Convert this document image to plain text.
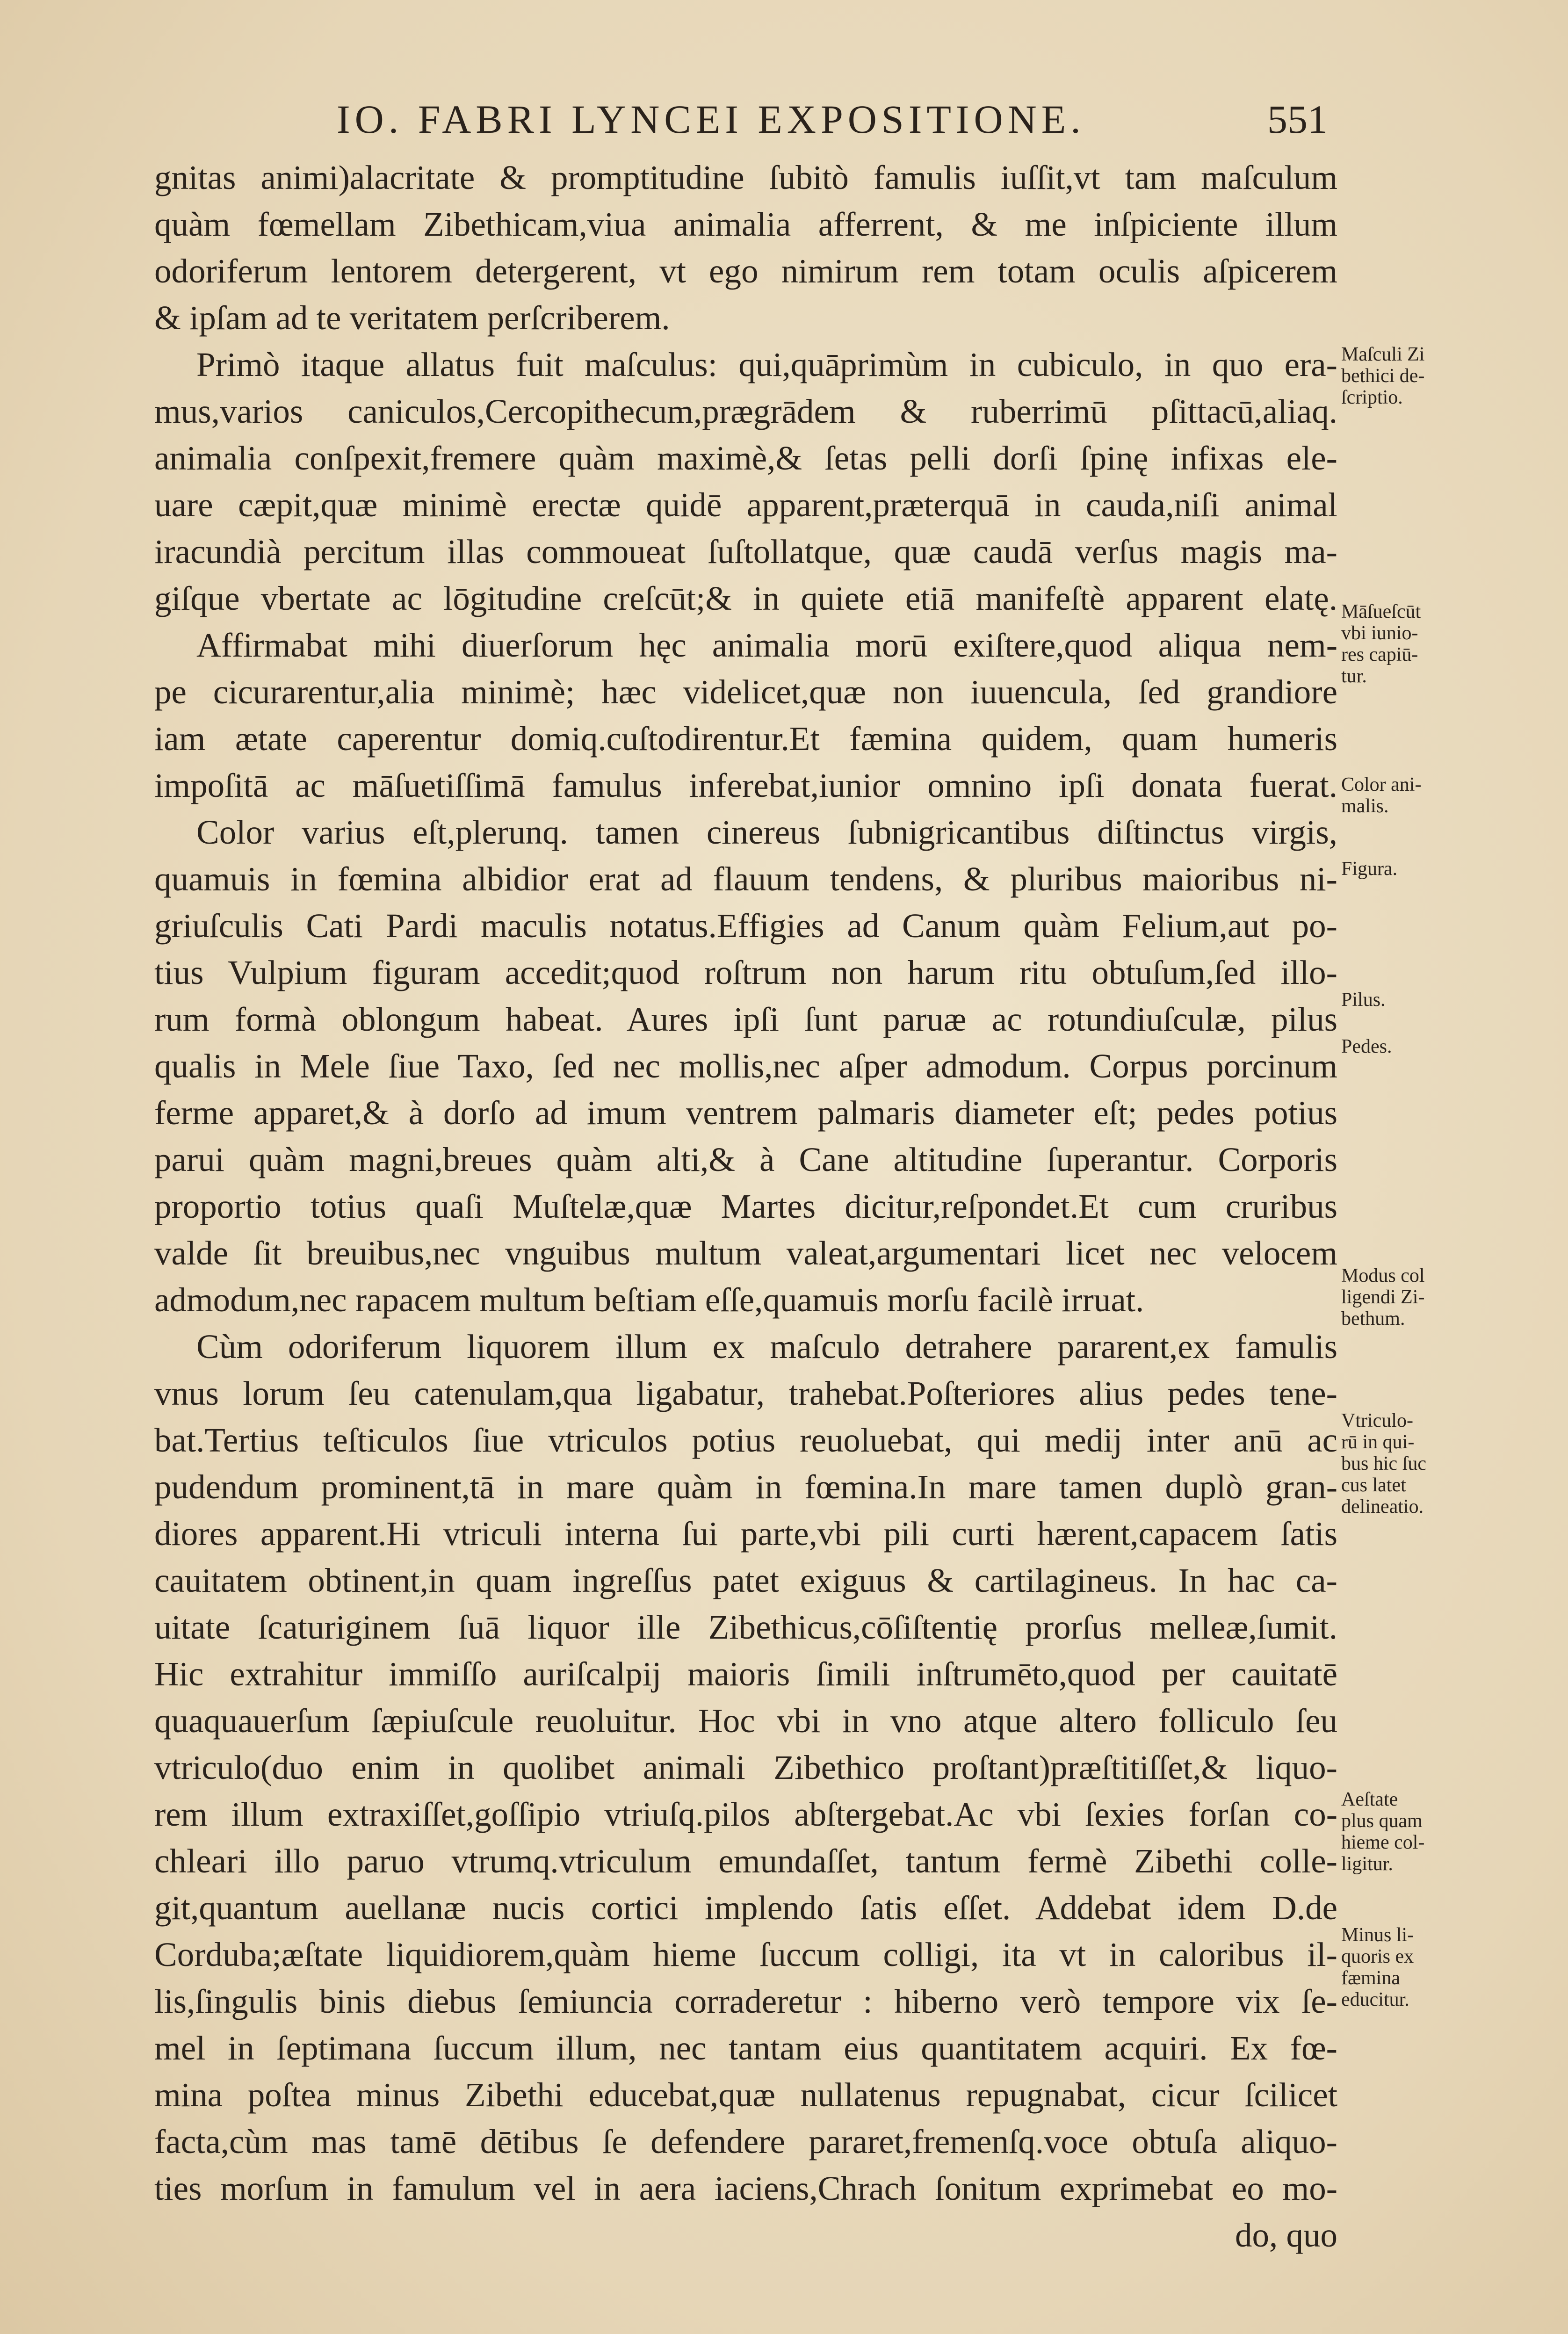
IO. FABRI LYNCEI EXPOSITIONE.	551
gnitas animi)alacritate & promptitudine ſubitò famulis iuſſit,vt tam maſculum
quàm fœmellam Zibethicam,viua animalia afferrent, & me inſpiciente illum
odoriferum lentorem detergerent, vt ego nimirum rem totam oculis aſpicerem
& ipſam ad te veritatem perſcriberem.
Primò itaque allatus fuit maſculus: qui,quāprimùm in cubiculo, in quo era-
mus,varios caniculos,Cercopithecum,prægrādem & ruberrimū pſittacū,aliaq.
animalia conſpexit,fremere quàm maximè,& ſetas pelli dorſi ſpinę infixas ele-
uare cæpit,quæ minimè erectæ quidē apparent,præterquā in cauda,niſi animal
iracundià percitum illas commoueat ſuſtollatque, quæ caudā verſus magis ma-
giſque vbertate ac lōgitudine creſcūt;& in quiete etiā manifeſtè apparent elatę.
Affirmabat mihi diuerſorum hęc animalia morū exiſtere,quod aliqua nem-
pe cicurarentur,alia minimè; hæc videlicet,quæ non iuuencula, ſed grandiore
iam ætate caperentur domiq.cuſtodirentur.Et fæmina quidem, quam humeris
impoſitā ac māſuetiſſimā famulus inferebat,iunior omnino ipſi donata fuerat.
Color varius eſt,plerunq. tamen cinereus ſubnigricantibus diſtinctus virgis,
quamuis in fœmina albidior erat ad flauum tendens, & pluribus maioribus ni-
griuſculis Cati Pardi maculis notatus.Effigies ad Canum quàm Felium,aut po-
tius Vulpium figuram accedit;quod roſtrum non harum ritu obtuſum,ſed illo-
rum formà oblongum habeat. Aures ipſi ſunt paruæ ac rotundiuſculæ, pilus
qualis in Mele ſiue Taxo, ſed nec mollis,nec aſper admodum. Corpus porcinum
ferme apparet,& à dorſo ad imum ventrem palmaris diameter eſt; pedes potius
parui quàm magni,breues quàm alti,& à Cane altitudine ſuperantur. Corporis
proportio totius quaſi Muſtelæ,quæ Martes dicitur,reſpondet.Et cum cruribus
valde ſit breuibus,nec vnguibus multum valeat,argumentari licet nec velocem
admodum,nec rapacem multum beſtiam eſſe,quamuis morſu facilè irruat.
Cùm odoriferum liquorem illum ex maſculo detrahere pararent,ex famulis
vnus lorum ſeu catenulam,qua ligabatur, trahebat.Poſteriores alius pedes tene-
bat.Tertius teſticulos ſiue vtriculos potius reuoluebat, qui medij inter anū ac
pudendum prominent,tā in mare quàm in fœmina.In mare tamen duplò gran-
diores apparent.Hi vtriculi interna ſui parte,vbi pili curti hærent,capacem ſatis
cauitatem obtinent,in quam ingreſſus patet exiguus & cartilagineus. In hac ca-
uitate ſcaturiginem ſuā liquor ille Zibethicus,cōſiſtentię prorſus melleæ,ſumit.
Hic extrahitur immiſſo auriſcalpij maioris ſimili inſtrumēto,quod per cauitatē
quaquauerſum ſæpiuſcule reuoluitur. Hoc vbi in vno atque altero folliculo ſeu
vtriculo(duo enim in quolibet animali Zibethico proſtant)præſtitiſſet,& liquo-
rem illum extraxiſſet,goſſipio vtriuſq.pilos abſtergebat.Ac vbi ſexies forſan co-
chleari illo paruo vtrumq.vtriculum emundaſſet, tantum fermè Zibethi colle-
git,quantum auellanæ nucis cortici implendo ſatis eſſet. Addebat idem D.de
Corduba;æſtate liquidiorem,quàm hieme ſuccum colligi, ita vt in caloribus il-
lis,ſingulis binis diebus ſemiuncia corraderetur : hiberno verò tempore vix ſe-
mel in ſeptimana ſuccum illum, nec tantam eius quantitatem acquiri. Ex fœ-
mina poſtea minus Zibethi educebat,quæ nullatenus repugnabat, cicur ſcilicet
facta,cùm mas tamē dētibus ſe defendere pararet,fremenſq.voce obtuſa aliquo-
ties morſum in famulum vel in aera iaciens,Chrach ſonitum exprimebat eo mo-
do, quo
Maſculi Zi
bethici de-
ſcriptio.
Māſueſcūt
vbi iunio-
res capiū-
tur.
Color ani-
malis.
Figura.
Pilus.
Pedes.
Modus col
ligendi Zi-
bethum.
Vtriculo-
rū in qui-
bus hic ſuc
cus latet
delineatio.
Aeſtate
plus quam
hieme col-
ligitur.
Minus li-
quoris ex
fæmina
educitur.
